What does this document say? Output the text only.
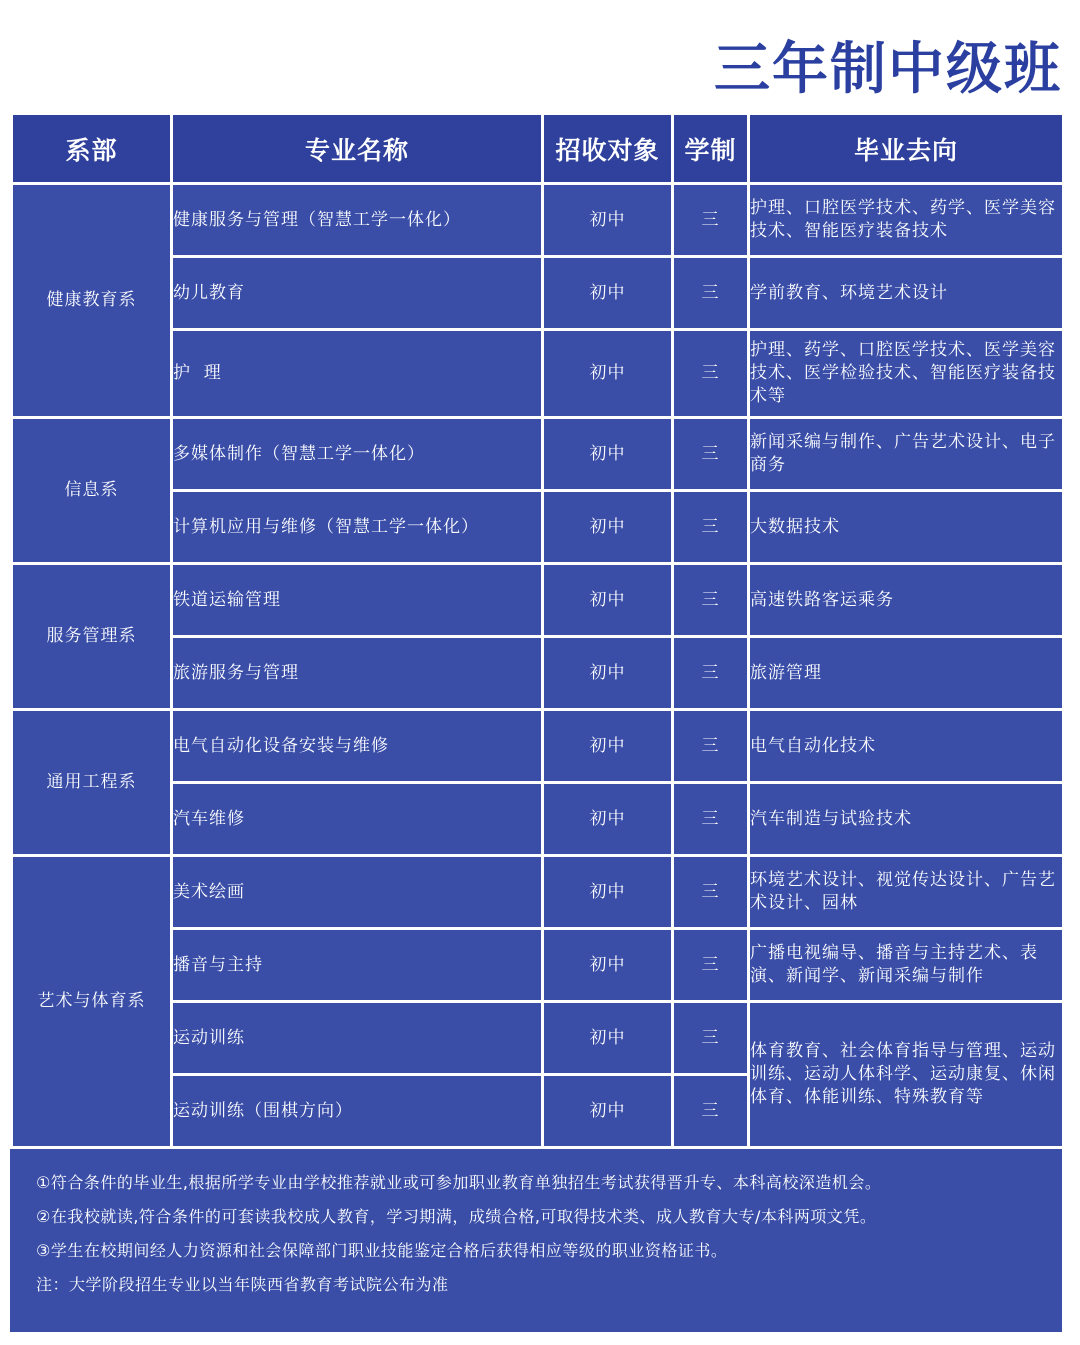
三年制中级班
系部	专业名称	招收对象	学制	毕业去向
健康教育系	健康服务与管理（智慧工学一体化）	初中	三	护理、口腔医学技术、药学、医学美容技术、智能医疗装备技术
	幼儿教育	初中	三	学前教育、环境艺术设计
	护  理	初中	三	护理、药学、口腔医学技术、医学美容技术、医学检验技术、智能医疗装备技术等
信息系	多媒体制作（智慧工学一体化）	初中	三	新闻采编与制作、广告艺术设计、电子商务
	计算机应用与维修（智慧工学一体化）	初中	三	大数据技术
服务管理系	铁道运输管理	初中	三	高速铁路客运乘务
	旅游服务与管理	初中	三	旅游管理
通用工程系	电气自动化设备安装与维修	初中	三	电气自动化技术
	汽车维修	初中	三	汽车制造与试验技术
艺术与体育系	美术绘画	初中	三	环境艺术设计、视觉传达设计、广告艺术设计、园林
	播音与主持	初中	三	广播电视编导、播音与主持艺术、表演、新闻学、新闻采编与制作
	运动训练	初中	三	体育教育、社会体育指导与管理、运动训练、运动人体科学、运动康复、休闲体育、体能训练、特殊教育等
	运动训练（围棋方向）	初中	三	
①符合条件的毕业生,根据所学专业由学校推荐就业或可参加职业教育单独招生考试获得晋升专、本科高校深造机会。
②在我校就读,符合条件的可套读我校成人教育，学习期满，成绩合格,可取得技术类、成人教育大专/本科两项文凭。
③学生在校期间经人力资源和社会保障部门职业技能鉴定合格后获得相应等级的职业资格证书。
注：大学阶段招生专业以当年陕西省教育考试院公布为准
